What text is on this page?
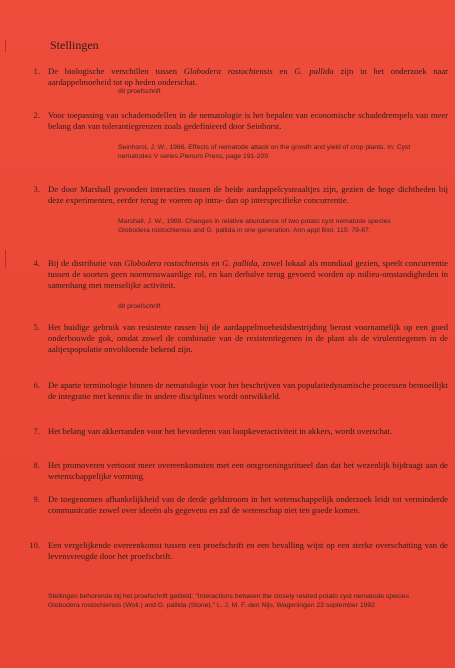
Stellingen
1. De biologische verschillen tussen Globodera rostochiensis en G. pallida zijn in het onderzoek naar aardappelmoeheid tot op heden onderschat.
dit proefschrift
2. Voor toepassing van schademodellen in de nematologie is het bepalen van economische schadedrempels van meer belang dan van tolerantiegrenzen zoals gedefinieerd door Seinhorst.
Seinhorst, J. W., 1986. Effects of nematode attack on the growth and yield of crop plants. In: Cyst nematodes V series.Plenum Press, page 191-209.
3. De door Marshall gevonden interacties tussen de beide aardappelcysteaaltjes zijn, gezien de hoge dichtheden bij deze experimenten, eerder terug te voeren op intra- dan op interspecifieke concurrentie.
Marshall, J. W., 1989. Changes in relative abundance of two potato cyst nematode species Globodera rostochiensis and G. pallida in one generation. Ann appl Biol. 115: 79-87.
4. Bij de distributie van Globodera rostochiensis en G. pallida, zowel lokaal als mondiaal gezien, speelt concurrentie tussen de soorten geen noemenswaardige rol, en kan derhalve terug gevoerd worden op milieu-omstandigheden in samenhang met menselijke activiteit.
dit proefschrift
5. Het huidige gebruik van resistente rassen bij de aardappelmoeheidsbestrijding berust voornamelijk op een goed onderbouwde gok, omdat zowel de combinatie van de resistentiegenen in de plant als de virulentiegenen in de aaltjespopulatie onvoldoende bekend zijn.
6. De aparte terminologie binnen de nematologie voor het beschrijven van populatiedynamische processen bemoeilijkt de integratie met kennis die in andere disciplines wordt ontwikkeld.
7. Het belang van akkerranden voor het bevorderen van loopkeveractiviteit in akkers, wordt overschat.
8. Het promoveren vertoont meer overeenkomsten met een ontgroeningsritueel dan dat het wezenlijk bijdraagt aan de wetenschappelijke vorming.
9. De toegenomen afhankelijkheid van de derde geldstroom in het wetenschappelijk onderzoek leidt tot verminderde communicatie zowel over ideeën als gegevens en zal de wetenschap niet ten goede komen.
10. Een vergelijkende overeenkomst tussen een proefschrift en een bevalling wijst op een sterke overschatting van de levensvreugde door het proefschrift.
Stellingen behorende bij het proefschrift getiteld: "Interactions between the closely related potato cyst nematode species Globodera rostochiensis (Woll.) and G. pallida (Stone)." L. J. M. F. den Nijs, Wageningen 23 september 1992
